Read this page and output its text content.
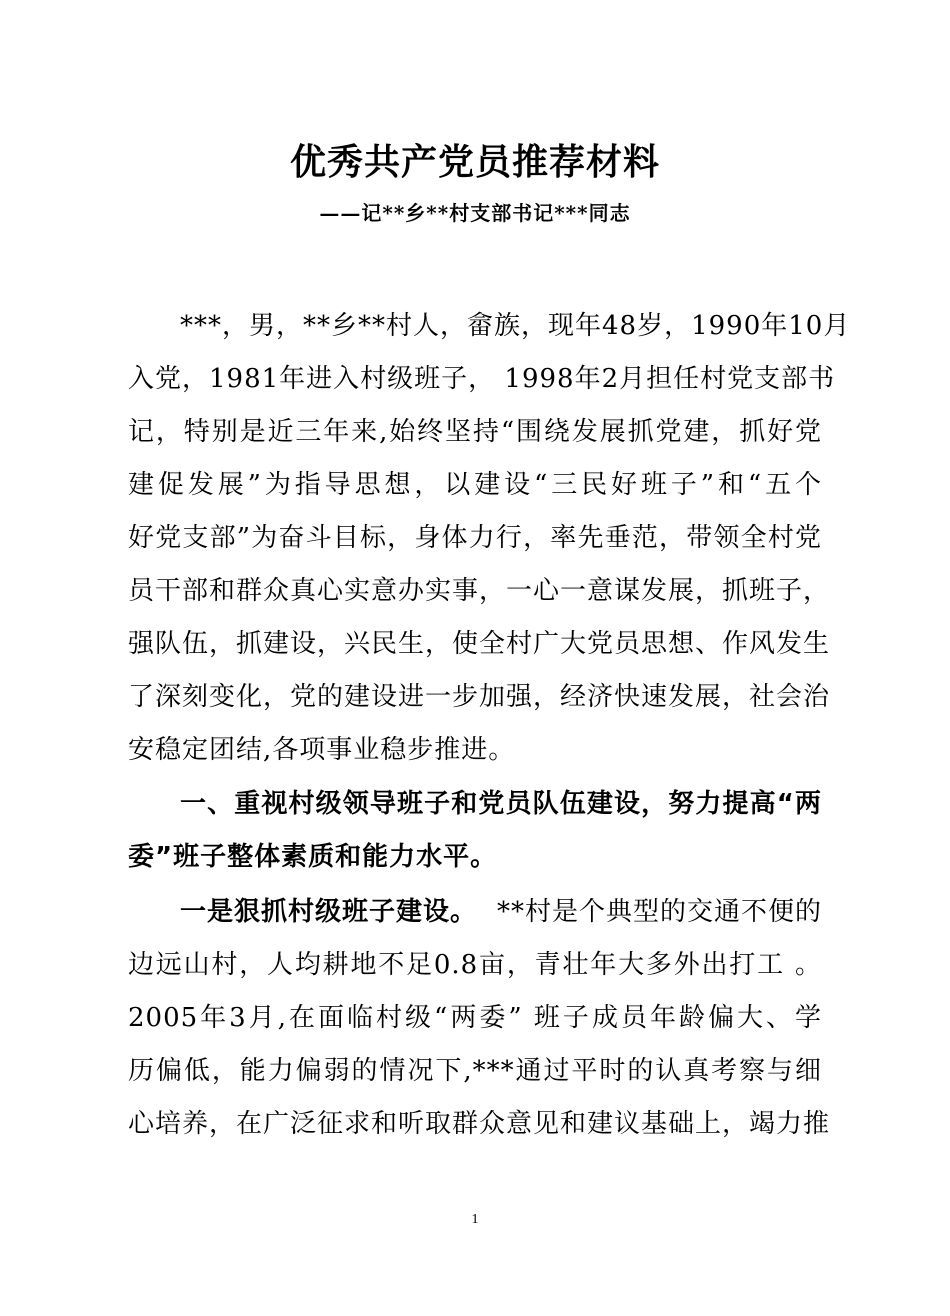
优秀共产党员推荐材料
——记**乡**村支部书记***同志
***，男，**乡**村人，畲族，现年48岁，1990年10月
入党，1981年进入村级班子， 1998年2月担任村党支部书
记，特别是近三年来,始终坚持“围绕发展抓党建，抓好党
建促发展”为指导思想，以建设“三民好班子”和“五个
好党支部”为奋斗目标，身体力行，率先垂范，带领全村党
员干部和群众真心实意办实事，一心一意谋发展，抓班子，
强队伍，抓建设，兴民生，使全村广大党员思想、作风发生
了深刻变化，党的建设进一步加强，经济快速发展，社会治
安稳定团结,各项事业稳步推进。
一、重视村级领导班子和党员队伍建设，努力提高“两
委”班子整体素质和能力水平。
一是狠抓村级班子建设。 **村是个典型的交通不便的
边远山村，人均耕地不足0.8亩，青壮年大多外出打工 。
2005年3月,在面临村级“两委” 班子成员年龄偏大、学
历偏低，能力偏弱的情况下,***通过平时的认真考察与细
心培养，在广泛征求和听取群众意见和建议基础上，竭力推
1
